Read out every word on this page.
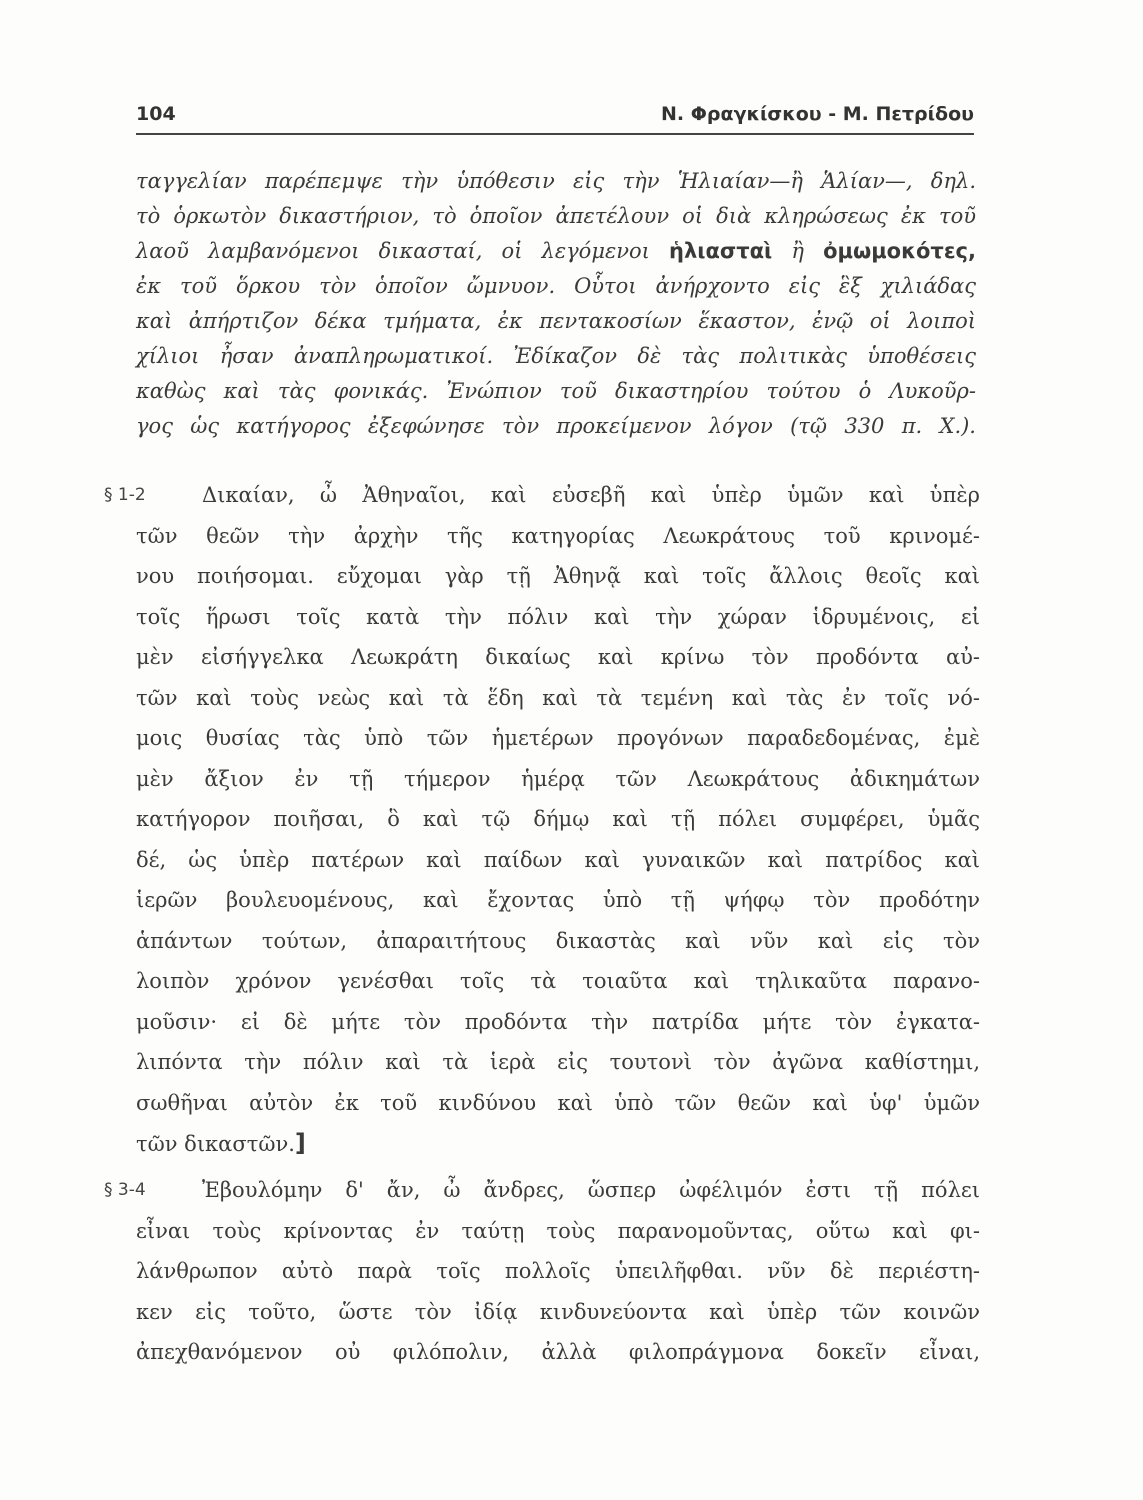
104	Ν. Φραγκίσκου - Μ. Πετρίδου
ταγγελίαν παρέπεμψε τὴν ὑπόθεσιν εἰς τὴν Ἡλιαίαν—ἢ Ἁλίαν—, δηλ.
τὸ ὁρκωτὸν δικαστήριον, τὸ ὁποῖον ἀπετέλουν οἱ διὰ κληρώσεως ἐκ τοῦ
λαοῦ λαμβανόμενοι δικασταί, οἱ λεγόμενοι ἡλιασταὶ ἢ ὀμωμοκότες,
ἐκ τοῦ ὅρκου τὸν ὁποῖον ὤμνυον. Οὗτοι ἀνήρχοντο εἰς ἓξ χιλιάδας
καὶ ἀπήρτιζον δέκα τμήματα, ἐκ πεντακοσίων ἕκαστον, ἐνῷ οἱ λοιποὶ
χίλιοι ἦσαν ἀναπληρωματικοί. Ἐδίκαζον δὲ τὰς πολιτικὰς ὑποθέσεις
καθὼς καὶ τὰς φονικάς. Ἐνώπιον τοῦ δικαστηρίου τούτου ὁ Λυκοῦρ-
γος ὡς κατήγορος ἐξεφώνησε τὸν προκείμενον λόγον (τῷ 330 π. Χ.).
§ 1-2	Δικαίαν, ὦ Ἀθηναῖοι, καὶ εὐσεβῆ καὶ ὑπὲρ ὑμῶν καὶ ὑπὲρ
τῶν θεῶν τὴν ἀρχὴν τῆς κατηγορίας Λεωκράτους τοῦ κρινομέ-
νου ποιήσομαι. εὔχομαι γὰρ τῇ Ἀθηνᾷ καὶ τοῖς ἄλλοις θεοῖς καὶ
τοῖς ἥρωσι τοῖς κατὰ τὴν πόλιν καὶ τὴν χώραν ἱδρυμένοις, εἰ
μὲν εἰσήγγελκα Λεωκράτη δικαίως καὶ κρίνω τὸν προδόντα αὐ-
τῶν καὶ τοὺς νεὼς καὶ τὰ ἕδη καὶ τὰ τεμένη καὶ τὰς ἐν τοῖς νό-
μοις θυσίας τὰς ὑπὸ τῶν ἡμετέρων προγόνων παραδεδομένας, ἐμὲ
μὲν ἄξιον ἐν τῇ τήμερον ἡμέρᾳ τῶν Λεωκράτους ἀδικημάτων
κατήγορον ποιῆσαι, ὃ καὶ τῷ δήμῳ καὶ τῇ πόλει συμφέρει, ὑμᾶς
δέ, ὡς ὑπὲρ πατέρων καὶ παίδων καὶ γυναικῶν καὶ πατρίδος καὶ
ἱερῶν βουλευομένους, καὶ ἔχοντας ὑπὸ τῇ ψήφῳ τὸν προδότην
ἁπάντων τούτων, ἀπαραιτήτους δικαστὰς καὶ νῦν καὶ εἰς τὸν
λοιπὸν χρόνον γενέσθαι τοῖς τὰ τοιαῦτα καὶ τηλικαῦτα παρανο-
μοῦσιν· εἰ δὲ μήτε τὸν προδόντα τὴν πατρίδα μήτε τὸν ἐγκατα-
λιπόντα τὴν πόλιν καὶ τὰ ἱερὰ εἰς τουτονὶ τὸν ἀγῶνα καθίστημι,
σωθῆναι αὐτὸν ἐκ τοῦ κινδύνου καὶ ὑπὸ τῶν θεῶν καὶ ὑφ' ὑμῶν
τῶν δικαστῶν.]
§ 3-4	Ἐβουλόμην δ' ἄν, ὦ ἄνδρες, ὥσπερ ὠφέλιμόν ἐστι τῇ πόλει
εἶναι τοὺς κρίνοντας ἐν ταύτῃ τοὺς παρανομοῦντας, οὕτω καὶ φι-
λάνθρωπον αὐτὸ παρὰ τοῖς πολλοῖς ὑπειλῆφθαι. νῦν δὲ περιέστη-
κεν εἰς τοῦτο, ὥστε τὸν ἰδίᾳ κινδυνεύοντα καὶ ὑπὲρ τῶν κοινῶν
ἀπεχθανόμενον οὐ φιλόπολιν, ἀλλὰ φιλοπράγμονα δοκεῖν εἶναι,
